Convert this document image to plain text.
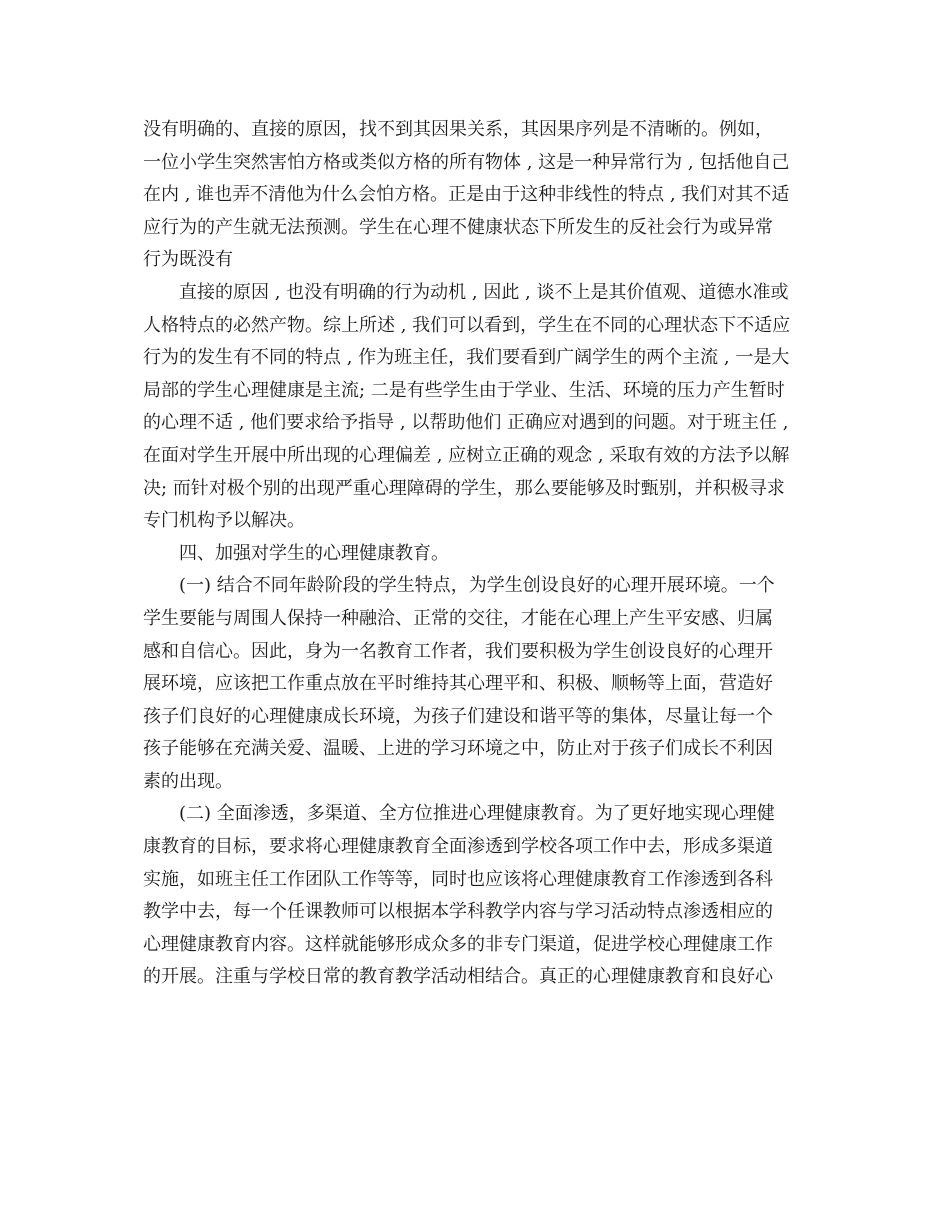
没有明确的、直接的原因，找不到其因果关系，其因果序列是不清晰的。例如，
一位小学生突然害怕方格或类似方格的所有物体 , 这是一种异常行为 , 包括他自己
在内 , 谁也弄不清他为什么会怕方格。正是由于这种非线性的特点 , 我们对其不适
应行为的产生就无法预测。学生在心理不健康状态下所发生的反社会行为或异常
行为既没有
直接的原因 , 也没有明确的行为动机 , 因此 , 谈不上是其价值观、道德水准或
人格特点的必然产物。综上所述 , 我们可以看到，学生在不同的心理状态下不适应
行为的发生有不同的特点 , 作为班主任，我们要看到广阔学生的两个主流 , 一是大
局部的学生心理健康是主流; 二是有些学生由于学业、生活、环境的压力产生暂时
的心理不适 , 他们要求给予指导 , 以帮助他们 正确应对遇到的问题。对于班主任 ,
在面对学生开展中所出现的心理偏差 , 应树立正确的观念 , 采取有效的方法予以解
决; 而针对极个别的出现严重心理障碍的学生，那么要能够及时甄别，并积极寻求
专门机构予以解决。
四、加强对学生的心理健康教育。
(一) 结合不同年龄阶段的学生特点，为学生创设良好的心理开展环境。一个
学生要能与周围人保持一种融洽、正常的交往，才能在心理上产生平安感、归属
感和自信心。因此，身为一名教育工作者，我们要积极为学生创设良好的心理开
展环境，应该把工作重点放在平时维持其心理平和、积极、顺畅等上面，营造好
孩子们良好的心理健康成长环境，为孩子们建设和谐平等的集体，尽量让每一个
孩子能够在充满关爱、温暖、上进的学习环境之中，防止对于孩子们成长不利因
素的出现。
(二) 全面渗透，多渠道、全方位推进心理健康教育。为了更好地实现心理健
康教育的目标，要求将心理健康教育全面渗透到学校各项工作中去，形成多渠道
实施，如班主任工作团队工作等等，同时也应该将心理健康教育工作渗透到各科
教学中去，每一个任课教师可以根据本学科教学内容与学习活动特点渗透相应的
心理健康教育内容。这样就能够形成众多的非专门渠道，促进学校心理健康工作
的开展。注重与学校日常的教育教学活动相结合。真正的心理健康教育和良好心
